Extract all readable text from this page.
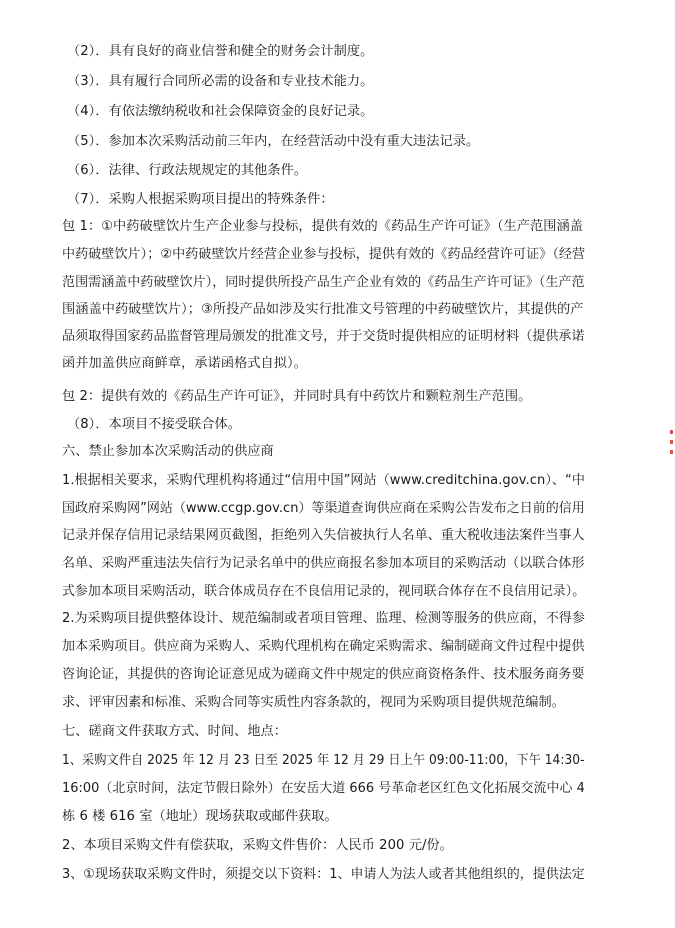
（2）．具有良好的商业信誉和健全的财务会计制度。
（3）．具有履行合同所必需的设备和专业技术能力。
（4）．有依法缴纳税收和社会保障资金的良好记录。
（5）．参加本次采购活动前三年内，在经营活动中没有重大违法记录。
（6）．法律、行政法规规定的其他条件。
（7）．采购人根据采购项目提出的特殊条件：
包 1：①中药破壁饮片生产企业参与投标，提供有效的《药品生产许可证》（生产范围涵盖
中药破壁饮片）；②中药破壁饮片经营企业参与投标，提供有效的《药品经营许可证》（经营
范围需涵盖中药破壁饮片），同时提供所投产品生产企业有效的《药品生产许可证》（生产范
围涵盖中药破壁饮片）；③所投产品如涉及实行批准文号管理的中药破壁饮片，其提供的产
品须取得国家药品监督管理局颁发的批准文号，并于交货时提供相应的证明材料（提供承诺
函并加盖供应商鲜章，承诺函格式自拟）。
包 2：提供有效的《药品生产许可证》，并同时具有中药饮片和颗粒剂生产范围。
（8）．本项目不接受联合体。
六、禁止参加本次采购活动的供应商
1.根据相关要求，采购代理机构将通过“信用中国”网站（www.creditchina.gov.cn）、“中
国政府采购网”网站（www.ccgp.gov.cn）等渠道查询供应商在采购公告发布之日前的信用
记录并保存信用记录结果网页截图，拒绝列入失信被执行人名单、重大税收违法案件当事人
名单、采购严重违法失信行为记录名单中的供应商报名参加本项目的采购活动（以联合体形
式参加本项目采购活动，联合体成员存在不良信用记录的，视同联合体存在不良信用记录）。
2.为采购项目提供整体设计、规范编制或者项目管理、监理、检测等服务的供应商，不得参
加本采购项目。供应商为采购人、采购代理机构在确定采购需求、编制磋商文件过程中提供
咨询论证，其提供的咨询论证意见成为磋商文件中规定的供应商资格条件、技术服务商务要
求、评审因素和标准、采购合同等实质性内容条款的，视同为采购项目提供规范编制。
七、磋商文件获取方式、时间、地点：
1、采购文件自 2025 年 12 月 23 日至 2025 年 12 月 29 日上午 09:00-11:00，下午 14:30-
16:00（北京时间，法定节假日除外）在安岳大道 666 号革命老区红色文化拓展交流中心 4
栋 6 楼 616 室（地址）现场获取或邮件获取。
2、本项目采购文件有偿获取，采购文件售价：人民币 200 元/份。
3、①现场获取采购文件时，须提交以下资料：1、申请人为法人或者其他组织的，提供法定
